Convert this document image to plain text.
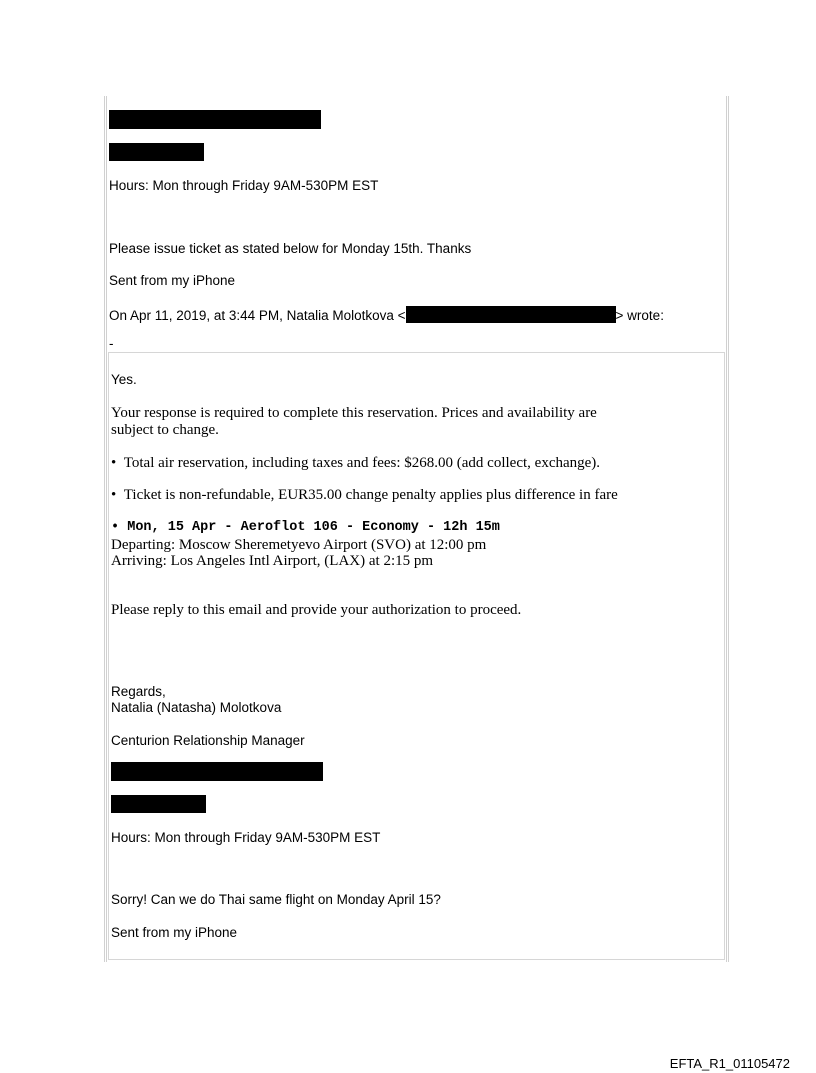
Hours: Mon through Friday 9AM-530PM EST
Please issue ticket as stated below for Monday 15th. Thanks
Sent from my iPhone
On Apr 11, 2019, at 3:44 PM, Natalia Molotkova <	> wrote:
-
Yes.
Your response is required to complete this reservation. Prices and availability are
subject to change.
• Total air reservation, including taxes and fees: $268.00 (add collect, exchange).
• Ticket is non-refundable, EUR35.00 change penalty applies plus difference in fare
• Mon, 15 Apr - Aeroflot 106 - Economy - 12h 15m
Departing: Moscow Sheremetyevo Airport (SVO) at 12:00 pm
Arriving: Los Angeles Intl Airport, (LAX) at 2:15 pm
Please reply to this email and provide your authorization to proceed.
Regards,
Natalia (Natasha) Molotkova
Centurion Relationship Manager
Hours: Mon through Friday 9AM-530PM EST
Sorry! Can we do Thai same flight on Monday April 15?
Sent from my iPhone
EFTA_R1_01105472
